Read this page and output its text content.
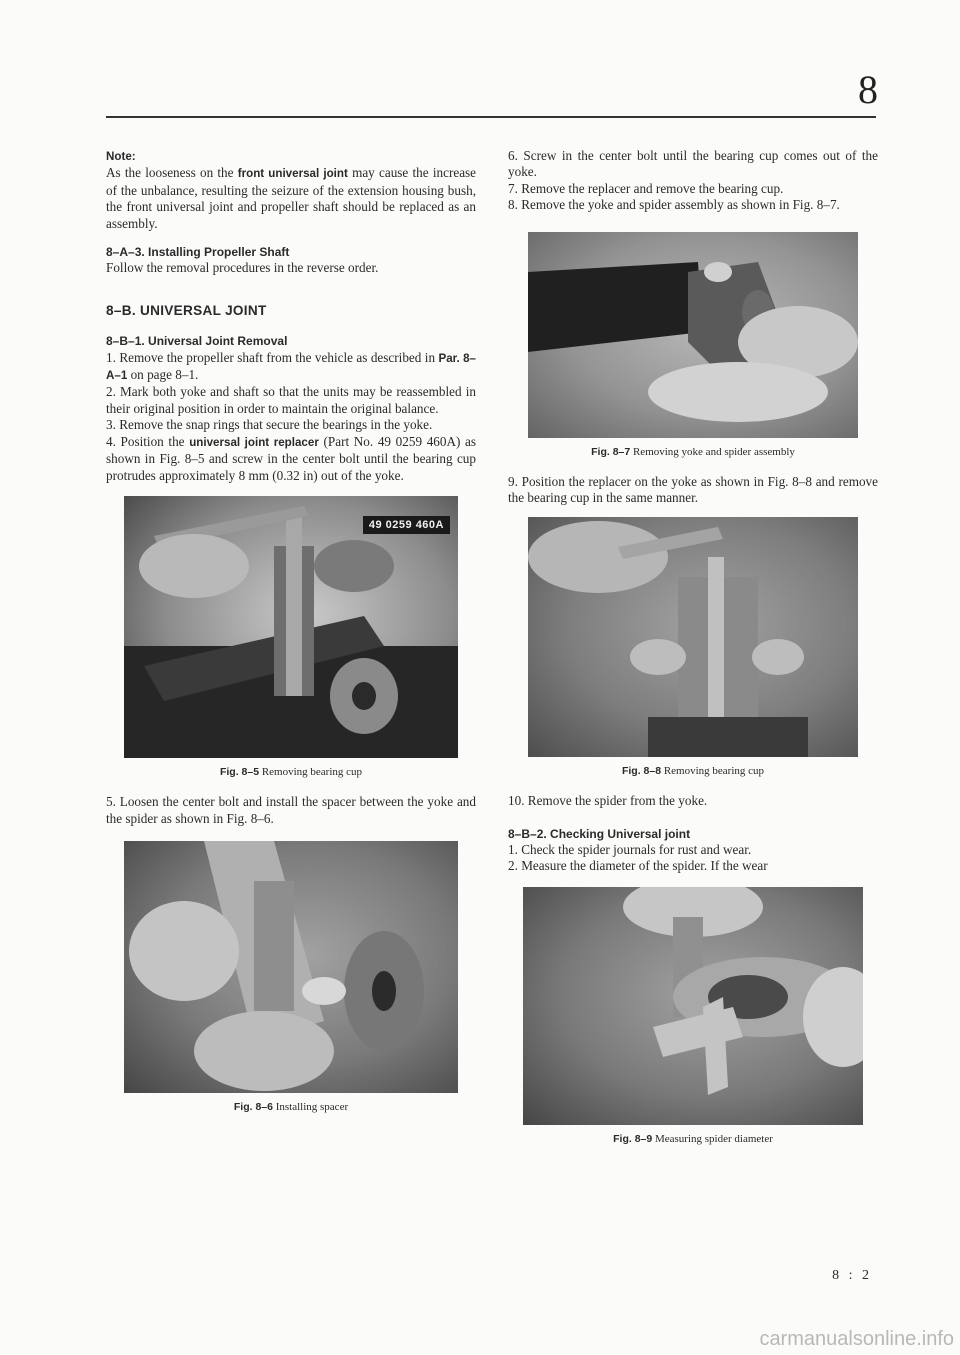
8

Note:

As the looseness on the front universal joint may cause the increase of the unbalance, resulting the seizure of the extension housing bush, the front universal joint and propeller shaft should be replaced as an assembly.

8–A–3. Installing Propeller Shaft

Follow the removal procedures in the reverse order.

8–B. UNIVERSAL JOINT

8–B–1. Universal Joint Removal

1. Remove the propeller shaft from the vehicle as described in Par. 8–A–1 on page 8–1.

2. Mark both yoke and shaft so that the units may be reassembled in their original position in order to maintain the original balance.

3. Remove the snap rings that secure the bearings in the yoke.

4. Position the universal joint replacer (Part No. 49 0259 460A) as shown in Fig. 8–5 and screw in the center bolt until the bearing cup protrudes approximately 8 mm (0.32 in) out of the yoke.

49 0259 460A

Fig. 8–5 Removing bearing cup

5. Loosen the center bolt and install the spacer between the yoke and the spider as shown in Fig. 8–6.

Fig. 8–6 Installing spacer

6. Screw in the center bolt until the bearing cup comes out of the yoke.

7. Remove the replacer and remove the bearing cup.

8. Remove the yoke and spider assembly as shown in Fig. 8–7.

Fig. 8–7 Removing yoke and spider assembly

9. Position the replacer on the yoke as shown in Fig. 8–8 and remove the bearing cup in the same manner.

Fig. 8–8 Removing bearing cup

10. Remove the spider from the yoke.

8–B–2. Checking Universal joint

1. Check the spider journals for rust and wear.

2. Measure the diameter of the spider. If the wear

Fig. 8–9 Measuring spider diameter

8 : 2
carmanualsonline.info
